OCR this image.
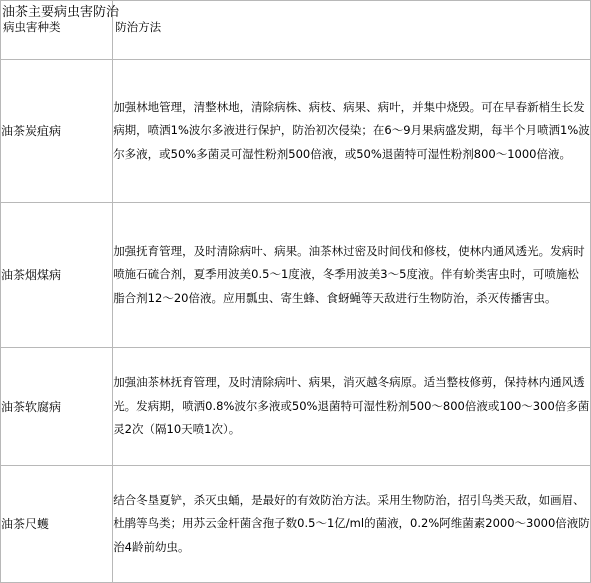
油茶主要病虫害防治
病虫害种类	防治方法

油茶炭疽病	加强林地管理，清整林地，清除病株、病枝、病果、病叶，并集中烧毁。可在早春新梢生长发病期，喷洒1%波尔多液进行保护，防治初次侵染；在6～9月果病盛发期，每半个月喷洒1%波尔多液，或50%多菌灵可湿性粉剂500倍液，或50%退菌特可湿性粉剂800～1000倍液。
油茶烟煤病	加强抚育管理，及时清除病叶、病果。油茶林过密及时间伐和修枝，使林内通风透光。发病时喷施石硫合剂，夏季用波美0.5～1度液，冬季用波美3～5度液。伴有蚧类害虫时，可喷施松脂合剂12～20倍液。应用瓢虫、寄生蜂、食蚜蝇等天敌进行生物防治，杀灭传播害虫。
油茶软腐病	加强油茶林抚育管理，及时清除病叶、病果，消灭越冬病原。适当整枝修剪，保持林内通风透光。发病期，喷洒0.8%波尔多液或50%退菌特可湿性粉剂500～800倍液或100～300倍多菌灵2次（隔10天喷1次）。
油茶尺蠖	结合冬垦夏铲，杀灭虫蛹，是最好的有效防治方法。采用生物防治，招引鸟类天敌，如画眉、杜鹃等鸟类；用苏云金杆菌含孢子数0.5～1亿/ml的菌液，0.2%阿维菌素2000～3000倍液防治4龄前幼虫。
